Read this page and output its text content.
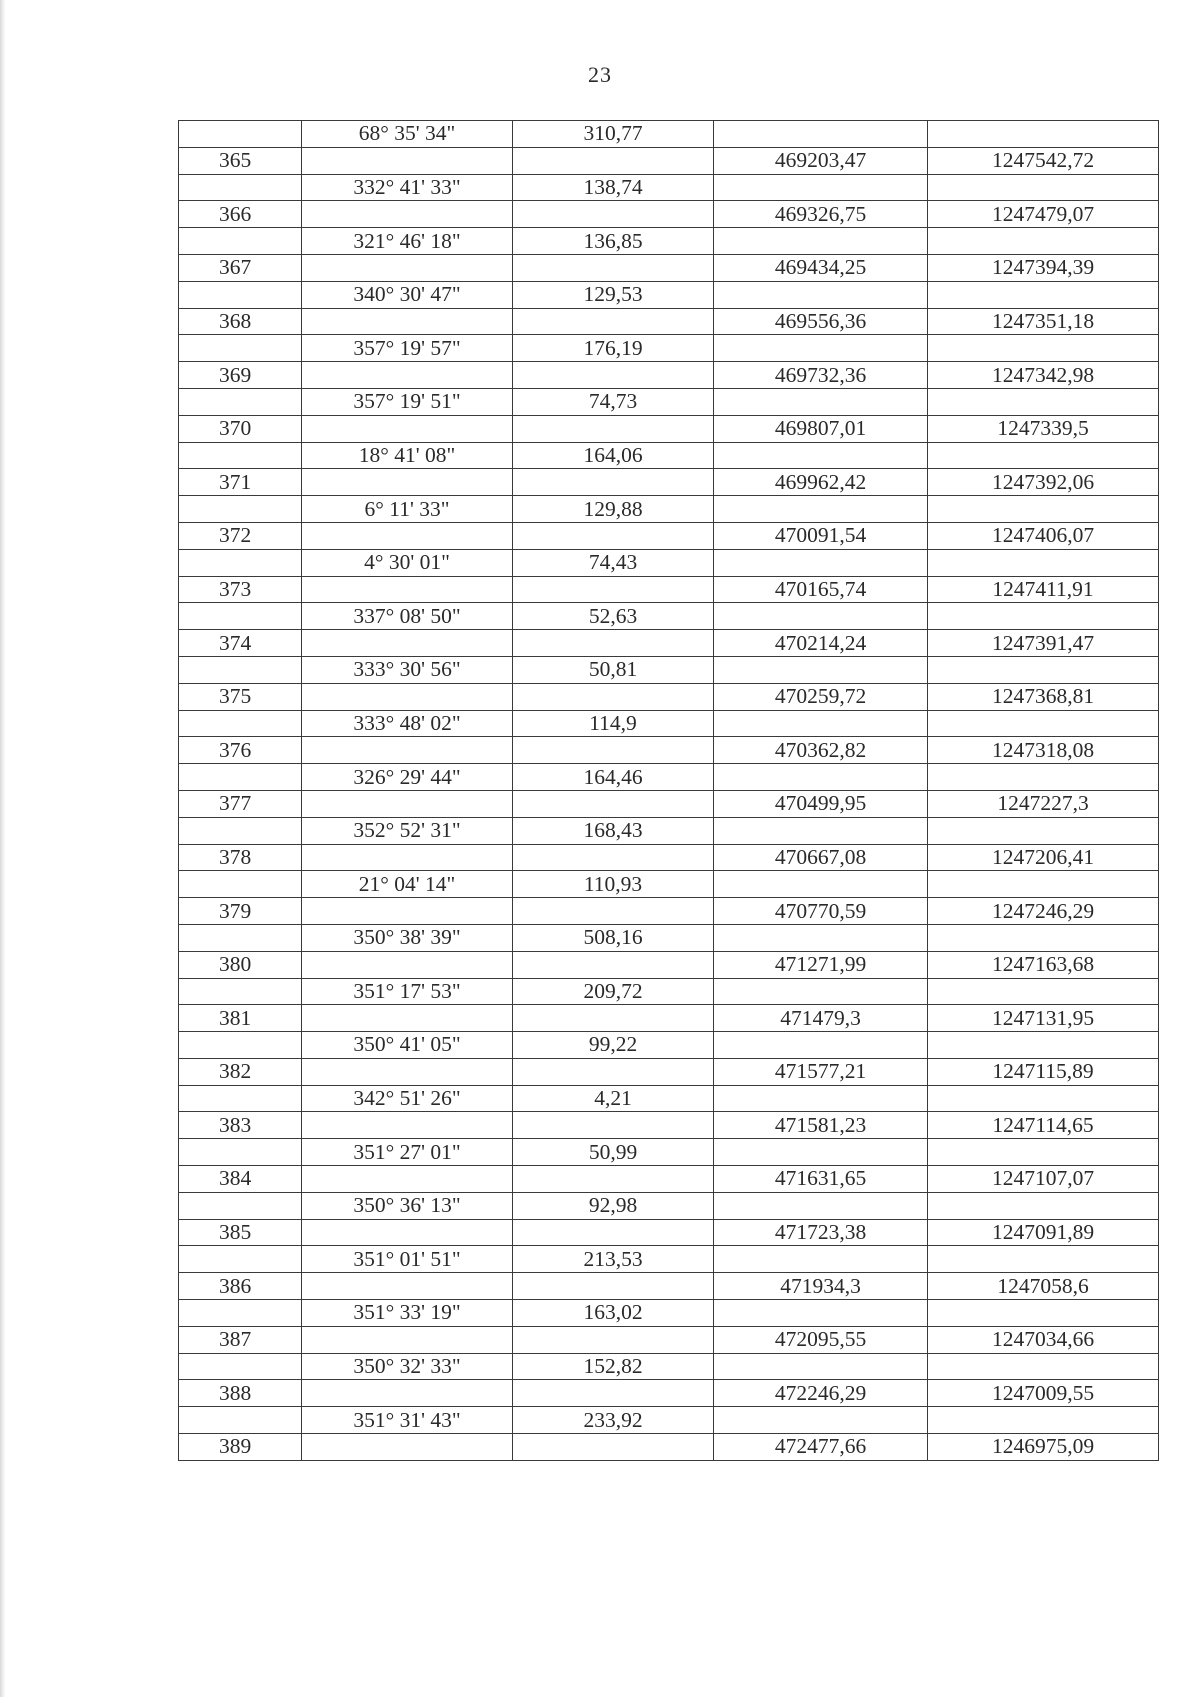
23
	68° 35' 34"	310,77		
365			469203,47	1247542,72
	332° 41' 33"	138,74		
366			469326,75	1247479,07
	321° 46' 18"	136,85		
367			469434,25	1247394,39
	340° 30' 47"	129,53		
368			469556,36	1247351,18
	357° 19' 57"	176,19		
369			469732,36	1247342,98
	357° 19' 51"	74,73		
370			469807,01	1247339,5
	18° 41' 08"	164,06		
371			469962,42	1247392,06
	6° 11' 33"	129,88		
372			470091,54	1247406,07
	4° 30' 01"	74,43		
373			470165,74	1247411,91
	337° 08' 50"	52,63		
374			470214,24	1247391,47
	333° 30' 56"	50,81		
375			470259,72	1247368,81
	333° 48' 02"	114,9		
376			470362,82	1247318,08
	326° 29' 44"	164,46		
377			470499,95	1247227,3
	352° 52' 31"	168,43		
378			470667,08	1247206,41
	21° 04' 14"	110,93		
379			470770,59	1247246,29
	350° 38' 39"	508,16		
380			471271,99	1247163,68
	351° 17' 53"	209,72		
381			471479,3	1247131,95
	350° 41' 05"	99,22		
382			471577,21	1247115,89
	342° 51' 26"	4,21		
383			471581,23	1247114,65
	351° 27' 01"	50,99		
384			471631,65	1247107,07
	350° 36' 13"	92,98		
385			471723,38	1247091,89
	351° 01' 51"	213,53		
386			471934,3	1247058,6
	351° 33' 19"	163,02		
387			472095,55	1247034,66
	350° 32' 33"	152,82		
388			472246,29	1247009,55
	351° 31' 43"	233,92		
389			472477,66	1246975,09
